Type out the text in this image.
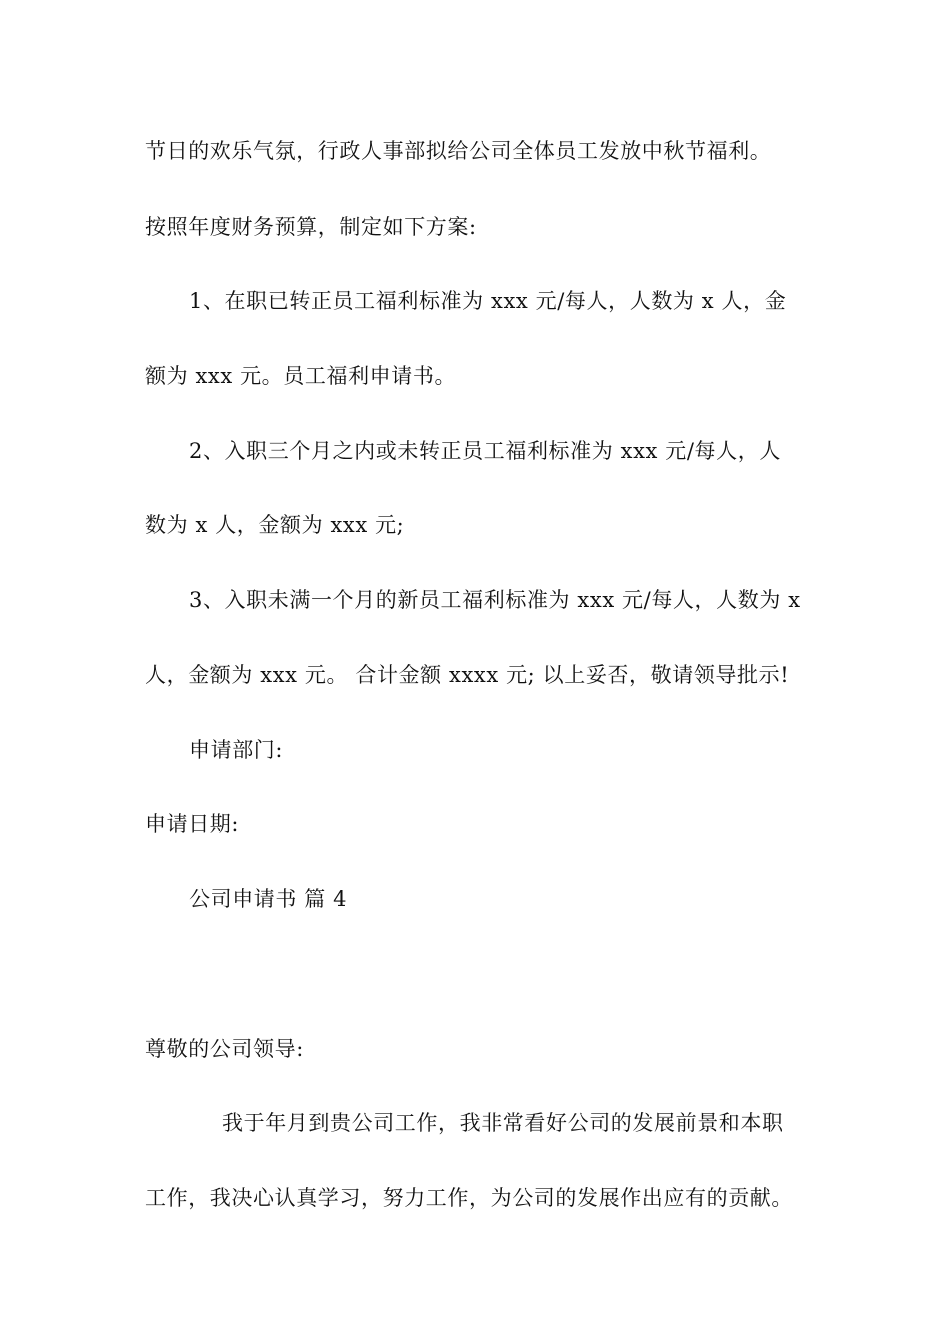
节日的欢乐气氛，行政人事部拟给公司全体员工发放中秋节福利。
按照年度财务预算，制定如下方案:
1、在职已转正员工福利标准为 xxx 元/每人，人数为 x 人，金
额为 xxx 元。员工福利申请书。
2、入职三个月之内或未转正员工福利标准为 xxx 元/每人，人
数为 x 人，金额为 xxx 元;
3、入职未满一个月的新员工福利标准为 xxx 元/每人，人数为 x
人，金额为 xxx 元。 合计金额 xxxx 元; 以上妥否，敬请领导批示!
申请部门:
申请日期:
公司申请书 篇 4
尊敬的公司领导:
我于年月到贵公司工作，我非常看好公司的发展前景和本职
工作，我决心认真学习，努力工作，为公司的发展作出应有的贡献。
